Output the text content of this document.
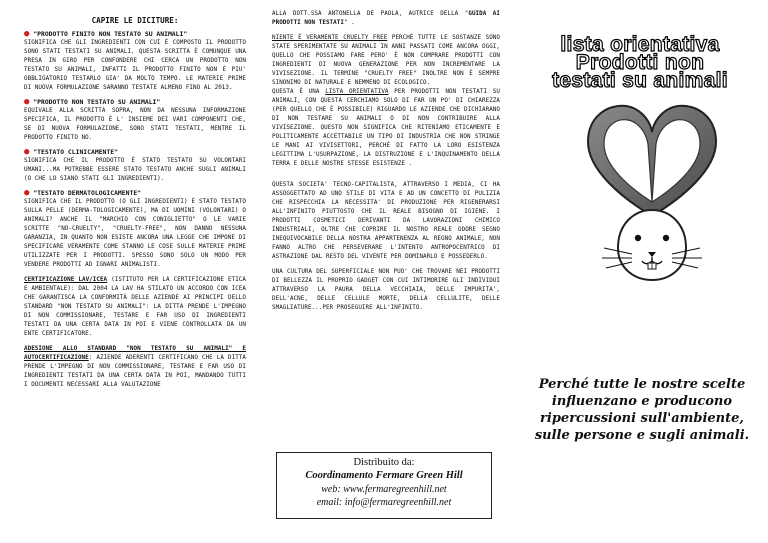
CAPIRE LE DICITURE:
● "PRODOTTO FINITO NON TESTATO SU ANIMALI"

SIGNIFICA CHE GLI INGREDIENTI CON CUI È COMPOSTO IL PRODOTTO SONO STATI TESTATI SU ANIMALI. QUESTA SCRITTA È COMUNQUE UNA PRESA IN GIRO PER CONFONDERE CHI CERCA UN PRODOTTO NON TESTATO SU ANIMALI, INFATTI IL PRODOTTO FINITO NON È PIU' OBBLIGATORIO TESTARLO GIA' DA MOLTO TEMPO. LE MATERIE PRIME DI NUOVA FORMULAZIONE SARANNO TESTATE ALMENO FINO AL 2013.

● "PRODOTTO NON TESTATO SU ANIMALI"

EQUIVALE ALLA SCRITTA SOPRA, NON DA NESSUNA INFORMAZIONE SPECIFICA, IL PRODOTTO È L' INSIEME DEI VARI COMPONENTI CHE, SE DI NUOVA FORMULAZIONE, SONO STATI TESTATI, MENTRE IL PRODOTTO FINITO NO.

● "TESTATO CLINICAMENTE"

SIGNIFICA CHE IL PRODOTTO È STATO TESTATO SU VOLONTARI UMANI...MA POTREBBE ESSERE STATO TESTATO ANCHE SUGLI ANIMALI (O CHE LO SIANO STATI GLI INGREDIENTI).

● "TESTATO DERMATOLOGICAMENTE"

SIGNIFICA CHE IL PRODOTTO (O GLI INGREDIENTI) È STATO TESTATO SULLA PELLE (DERMA-TOLOGICAMENTE), MA DI UOMINI (VOLONTARI) O ANIMALI? ANCHE IL "MARCHIO CON CONIGLIETTO" O LE VARIE SCRITTE "NO-CRUELTY", "CRUELTY-FREE", NON DANNO NESSUNA GARANZIA, IN QUANTO NON ESISTE ANCORA UNA LEGGE CHE IMPONE DI SPECIFICARE VERAMENTE COME STANNO LE COSE SULLE MATERIE PRIME UTILIZZATE PER I PRODOTTI. SPESSO SONO SOLO UN MODO PER VENDERE PRODOTTI AD IGNARI ANIMALISTI.

CERTIFICAZIONE LAV/ICEA (ISTITUTO PER LA CERTIFICAZIONE ETICA E AMBIENTALE): DAL 2004 LA LAV HA STILATO UN ACCORDO CON ICEA CHE GARANTISCA LA CONFORMITÀ DELLE AZIENDE AI PRINCIPI DELLO STANDARD "NON TESTATO SU ANIMALI": LA DITTA PRENDE L'IMPEGNO DI NON COMMISSIONARE, TESTARE E FAR USO DI INGREDIENTI TESTATI DA UNA CERTA DATA IN POI E VIENE CONTROLLATA DA UN ENTE CERTIFICATORE.

ADESIONE ALLO STANDARD "NON TESTATO SU ANIMALI" E AUTOCERTIFICAZIONE: AZIENDE ADERENTI CERTIFICANO CHE LA DITTA PRENDE L'IMPEGNO DI NON COMMISSIONARE, TESTARE E FAR USO DI INGREDIENTI TESTATI DA UNA CERTA DATA IN POI, MANDANDO TUTTI I DOCUMENTI NECESSARI ALLA VALUTAZIONE

ALLA DOTT.SSA ANTONELLA DE PAOLA, AUTRICE DELLA "GUIDA AI PRODOTTI NON TESTATI" .

NIENTE È VERAMENTE CRUELTY FREE PERCHÈ TUTTE LE SOSTANZE SONO STATE SPERIMENTATE SU ANIMALI IN ANNI PASSATI COME ANCORA OGGI, QUELLO CHE POSSIAMO FARE PERO' È NON COMPRARE PRODOTTI CON INGREDIENTI DI NUOVA GENERAZIONE PER NON INCREMENTARE LA VIVISEZIONE. IL TERMINE "CRUELTY FREE" INOLTRE NON È SEMPRE SINONIMO DI NATURALE E NEMMENO DI ECOLOGICO.

QUESTA È UNA LISTA ORIENTATIVA PER PRODOTTI NON TESTATI SU ANIMALI, CON QUESTA CERCHIAMO SOLO DI FAR UN PO' DI CHIAREZZA (PER QUELLO CHE È POSSIBILE) RIGUARDO LE AZIENDE CHE DICHIARANO DI NON TESTARE SU ANIMALI O DI NON CONTRIBUIRE ALLA VIVISEZIONE. QUESTO NON SIGNIFICA CHE RITENIAMO ETICAMENTE E POLITICAMENTE ACCETTABILE UN TIPO DI INDUSTRIA CHE NON STRINGE LE MANI AI VIVISETTORI, PERCHÉ DI FATTO LA LORO ESISTENZA LEGITTIMA L'USURPAZIONE, LA DISTRUZIONE E L'INQUINAMENTO DELLA TERRA E DELLE NOSTRE STESSE ESISTENZE .

QUESTA SOCIETA' TECNO-CAPITALISTA, ATTRAVERSO I MEDIA, CI HA ASSOGGETTATO AD UNO STILE DI VITA E AD UN CONCETTO DI PULIZIA CHE RISPECCHIA LA NECESSITA' DI PRODUZIONE PER RIGENERARSI ALL'INFINITO PIUTTOSTO CHE IL REALE BISOGNO DI IGIENE. I PRODOTTI COSMETICI DERIVANTI DA LAVORAZIONI CHIMICO INDUSTRIALI, OLTRE CHE COPRIRE IL NOSTRO REALE ODORE SEGNO INEQUIVOCABILE DELLA NOSTRA APPARTENENZA AL REGNO ANIMALE, NON FANNO ALTRO CHE PERSEVERARE L'INTENTO ANTROPOCENTRICO DI ASTRAZIONE DAL RESTO DEL VIVENTE PER DOMINARLO E POSSEDERLO.

UNA CULTURA DEL SUPERFICIALE NON PUO' CHE TROVARE NEI PRODOTTI DI BELLEZZA IL PROPRIO GADGET CON CUI INTIMORIRE GLI INDIVIDUI ATTRAVERSO LA PAURA DELLA VECCHIAIA, DELLE IMPURITA', DELL'ACNE, DELLE CELLULE MORTE, DELLA CELLULITE, DELLE SMAGLIATURE...PER PROSEGUIRE ALL'INFINITO.

Distribuito da:
Coordinamento Fermare Green Hill
web: www.fermaregreenhill.net
email: info@fermaregreenhill.net
lista orientativa
Prodotti non
testati su animali
Perché tutte le nostre scelte influenzano e producono ripercussioni sull'ambiente, sulle persone e sugli animali.
